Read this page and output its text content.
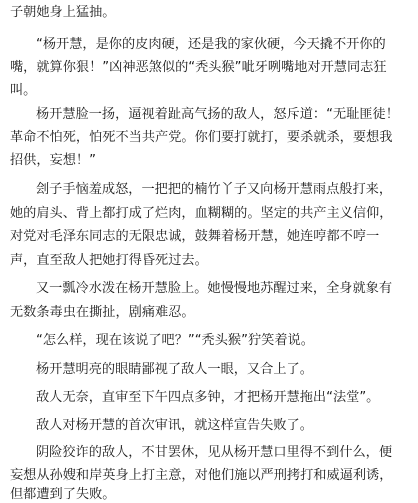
子朝她身上猛抽。
“杨开慧，是你的皮肉硬，还是我的家伙硬，今天撬不开你的
嘴，就算你狠！”凶神恶煞似的“秃头猴”呲牙咧嘴地对开慧同志狂
叫。
杨开慧脸一扬，逼视着趾高气扬的敌人，怒斥道：“无耻匪徒！
革命不怕死，怕死不当共产党。你们要打就打，要杀就杀，要想我
招供，妄想！”
刽子手恼羞成怒，一把把的楠竹丫子又向杨开慧雨点般打来，
她的肩头、背上都打成了烂肉，血糊糊的。坚定的共产主义信仰，
对党对毛泽东同志的无限忠诚，鼓舞着杨开慧，她连哼都不哼一
声，直至敌人把她打得昏死过去。
又一瓢冷水泼在杨开慧脸上。她慢慢地苏醒过来，全身就象有
无数条毒虫在撕扯，剧痛难忍。
“怎么样，现在该说了吧？”“秃头猴”狞笑着说。
杨开慧明亮的眼睛鄙视了敌人一眼，又合上了。
敌人无奈，直审至下午四点多钟，才把杨开慧拖出“法堂”。
敌人对杨开慧的首次审讯，就这样宣告失败了。
阴险狡诈的敌人，不甘罢休，见从杨开慧口里得不到什么，便
妄想从孙嫂和岸英身上打主意，对他们施以严刑拷打和威逼利诱，
但都遭到了失败。
